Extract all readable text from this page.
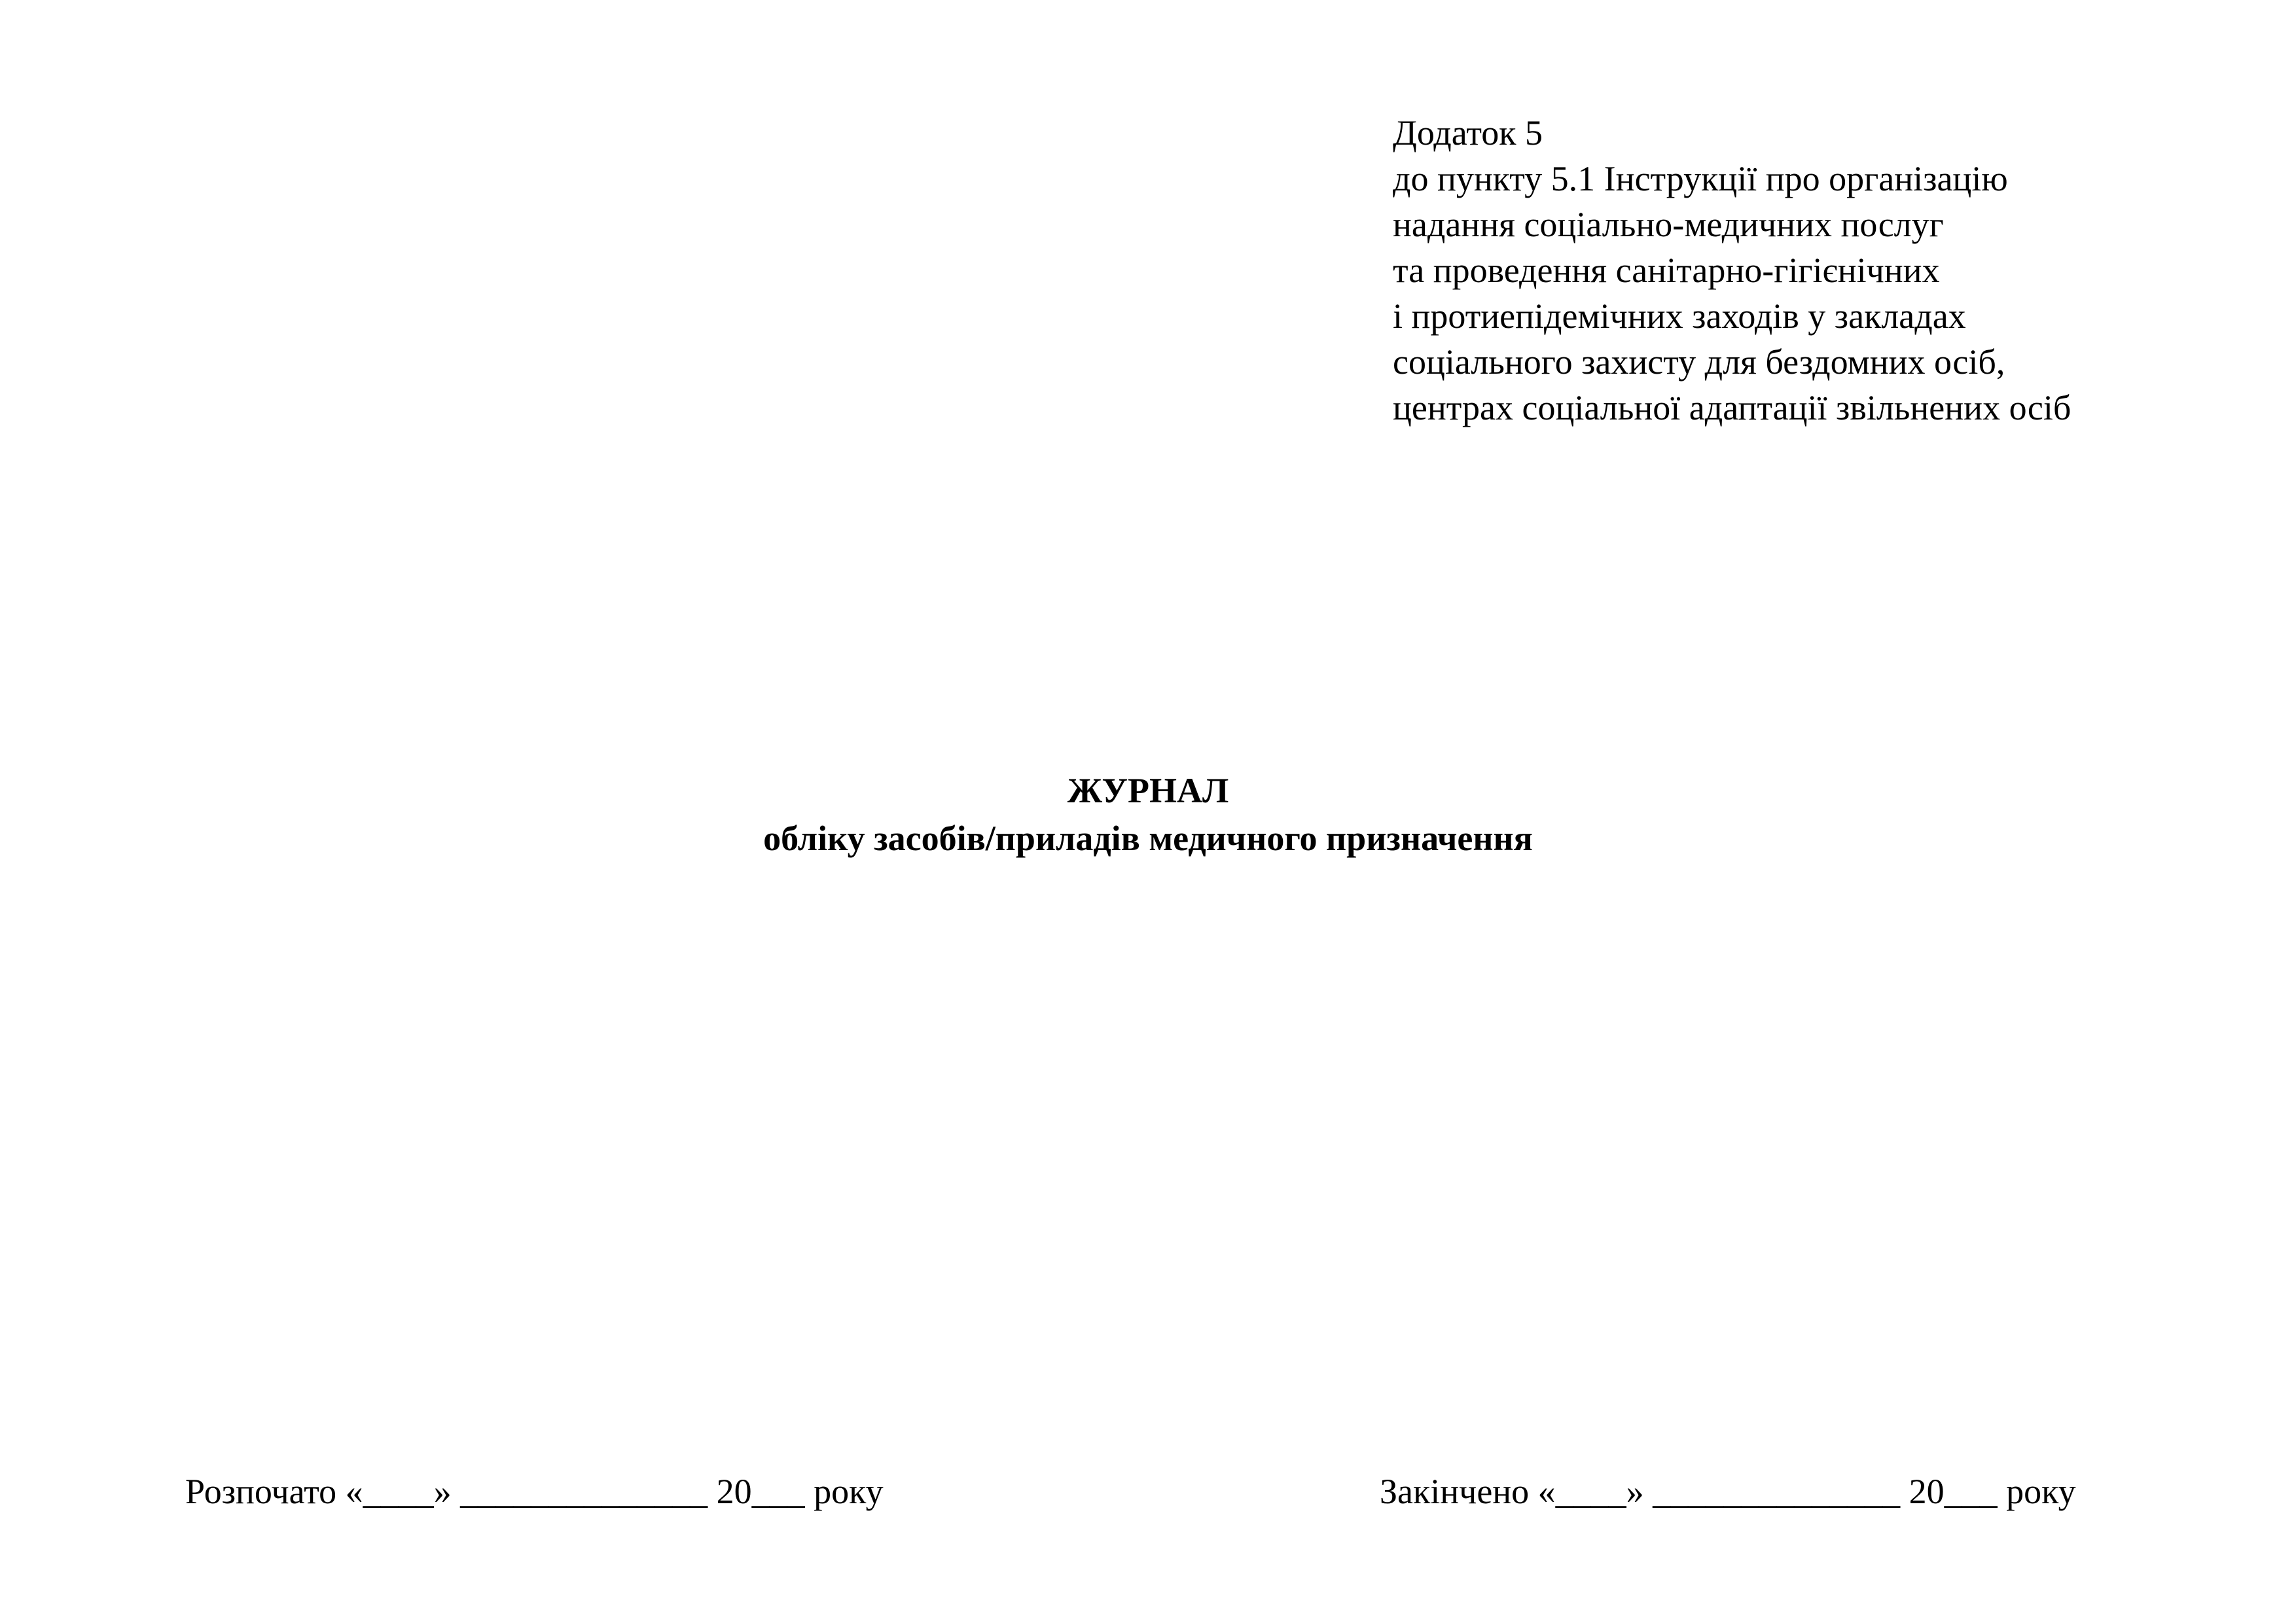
Додаток 5
до пункту 5.1 Інструкції про організацію
надання соціально-медичних послуг
та проведення санітарно-гігієнічних
і протиепідемічних заходів у закладах
соціального захисту для бездомних осіб,
центрах соціальної адаптації звільнених осіб
ЖУРНАЛ
обліку засобів/приладів медичного призначення
Розпочато «____» ______________ 20___ року	Закінчено «____» ______________ 20___ року
